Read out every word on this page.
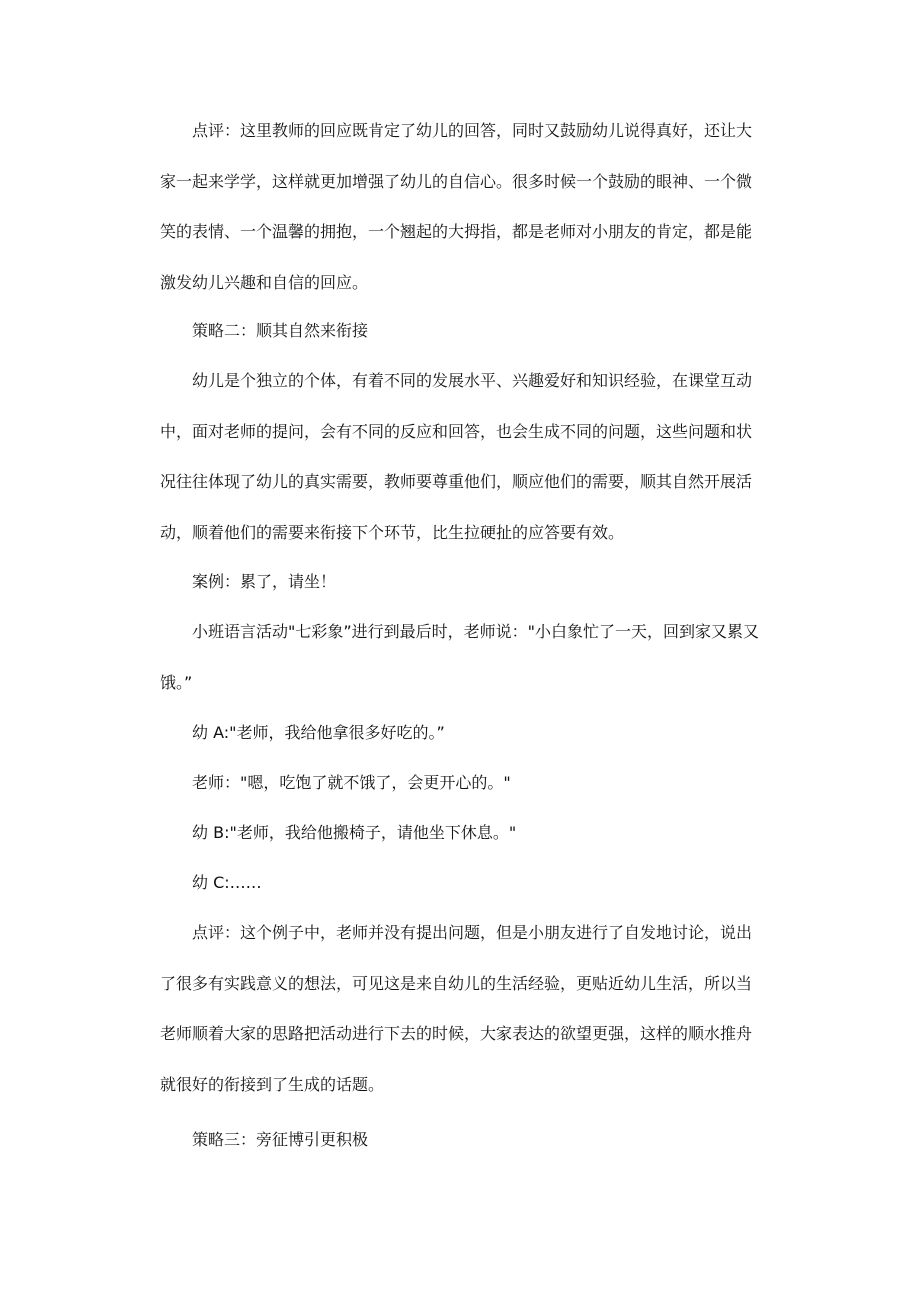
点评：这里教师的回应既肯定了幼儿的回答，同时又鼓励幼儿说得真好，还让大家一起来学学，这样就更加增强了幼儿的自信心。很多时候一个鼓励的眼神、一个微笑的表情、一个温馨的拥抱，一个翘起的大拇指，都是老师对小朋友的肯定，都是能激发幼儿兴趣和自信的回应。

策略二：顺其自然来衔接

幼儿是个独立的个体，有着不同的发展水平、兴趣爱好和知识经验，在课堂互动中，面对老师的提问，会有不同的反应和回答，也会生成不同的问题，这些问题和状况往往体现了幼儿的真实需要，教师要尊重他们，顺应他们的需要，顺其自然开展活动，顺着他们的需要来衔接下个环节，比生拉硬扯的应答要有效。

案例：累了，请坐！

小班语言活动"七彩象”进行到最后时，老师说："小白象忙了一天，回到家又累又饿。”

幼 A:"老师，我给他拿很多好吃的。”

老师："嗯，吃饱了就不饿了，会更开心的。"

幼 B:"老师，我给他搬椅子，请他坐下休息。"

幼 C:……

点评：这个例子中，老师并没有提出问题，但是小朋友进行了自发地讨论，说出了很多有实践意义的想法，可见这是来自幼儿的生活经验，更贴近幼儿生活，所以当老师顺着大家的思路把活动进行下去的时候，大家表达的欲望更强，这样的顺水推舟就很好的衔接到了生成的话题。

策略三：旁征博引更积极
